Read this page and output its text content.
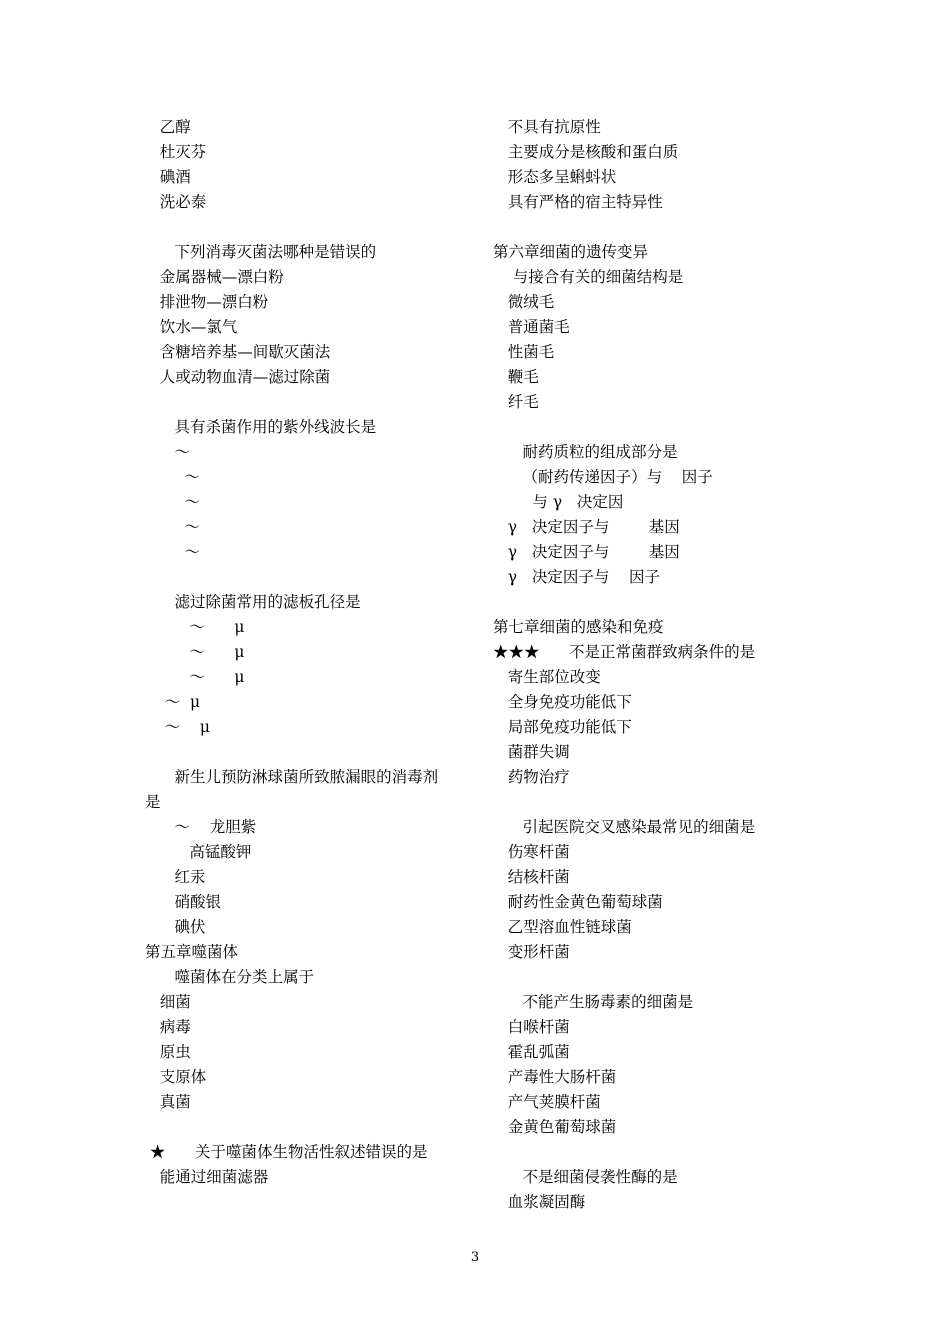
乙醇
杜灭芬
碘酒
洗必泰
下列消毒灭菌法哪种是错误的
金属器械—漂白粉
排泄物—漂白粉
饮水—氯气
含糖培养基—间歇灭菌法
人或动物血清—滤过除菌
具有杀菌作用的紫外线波长是
～
～
～
～
～
滤过除菌常用的滤板孔径是
～      μ
～      μ
～      μ
～  μ
～    μ
新生儿预防淋球菌所致脓漏眼的消毒剂
是
～    龙胆紫
高锰酸钾
红汞
硝酸银
碘伏
第五章噬菌体
噬菌体在分类上属于
细菌
病毒
原虫
支原体
真菌
★      关于噬菌体生物活性叙述错误的是
能通过细菌滤器
不具有抗原性
主要成分是核酸和蛋白质
形态多呈蝌蚪状
具有严格的宿主特异性
第六章细菌的遗传变异
与接合有关的细菌结构是
微绒毛
普通菌毛
性菌毛
鞭毛
纤毛
耐药质粒的组成部分是
（耐药传递因子）与    因子
与 γ   决定因
γ   决定因子与        基因
γ   决定因子与        基因
γ   决定因子与    因子
第七章细菌的感染和免疫
★★★      不是正常菌群致病条件的是
寄生部位改变
全身免疫功能低下
局部免疫功能低下
菌群失调
药物治疗
引起医院交叉感染最常见的细菌是
伤寒杆菌
结核杆菌
耐药性金黄色葡萄球菌
乙型溶血性链球菌
变形杆菌
不能产生肠毒素的细菌是
白喉杆菌
霍乱弧菌
产毒性大肠杆菌
产气荚膜杆菌
金黄色葡萄球菌
不是细菌侵袭性酶的是
血浆凝固酶
3
